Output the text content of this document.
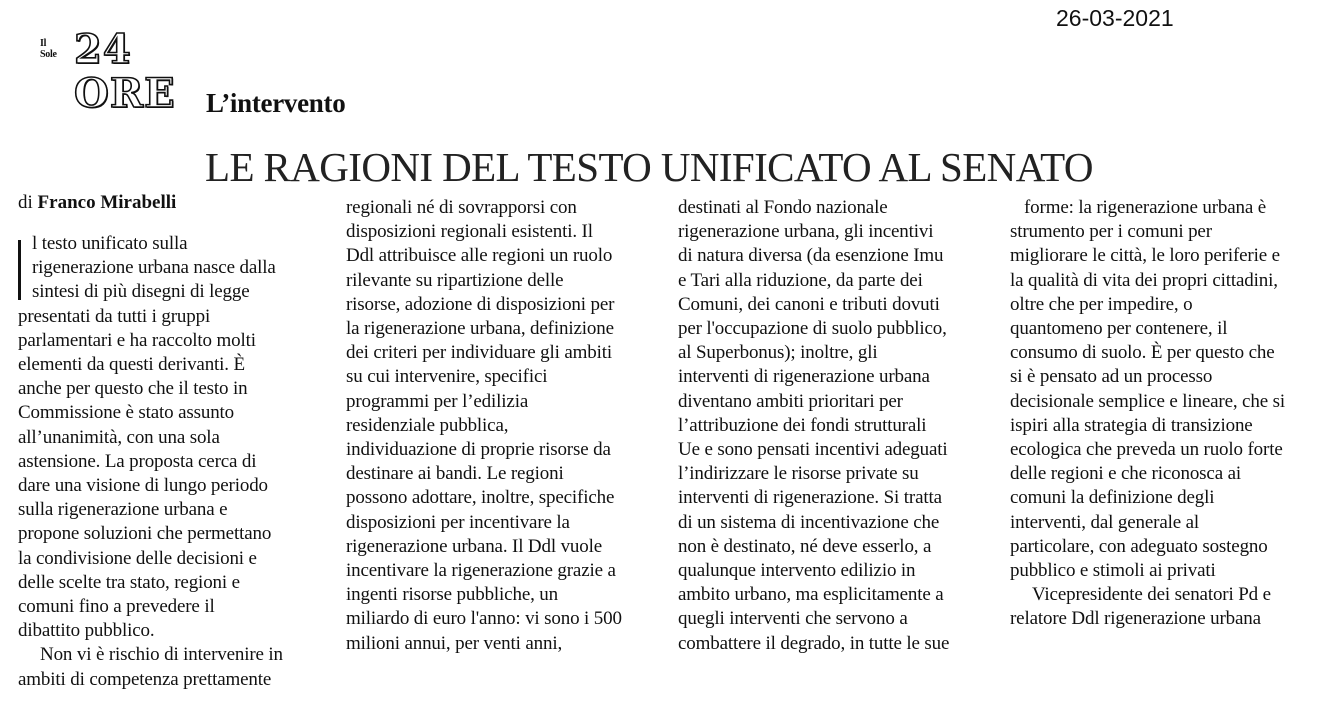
26-03-2021
Il Sole 24 ORE L’intervento
LE RAGIONI DEL TESTO UNIFICATO AL SENATO
di Franco Mirabelli
l testo unificato sulla
rigenerazione urbana nasce dalla
sintesi di più disegni di legge
presentati da tutti i gruppi
parlamentari e ha raccolto molti
elementi da questi derivanti. È
anche per questo che il testo in
Commissione è stato assunto
all’unanimità, con una sola
astensione. La proposta cerca di
dare una visione di lungo periodo
sulla rigenerazione urbana e
propone soluzioni che permettano
la condivisione delle decisioni e
delle scelte tra stato, regioni e
comuni fino a prevedere il
dibattito pubblico.
Non vi è rischio di intervenire in
ambiti di competenza prettamente
regionali né di sovrapporsi con
disposizioni regionali esistenti. Il
Ddl attribuisce alle regioni un ruolo
rilevante su ripartizione delle
risorse, adozione di disposizioni per
la rigenerazione urbana, definizione
dei criteri per individuare gli ambiti
su cui intervenire, specifici
programmi per l’edilizia
residenziale pubblica,
individuazione di proprie risorse da
destinare ai bandi. Le regioni
possono adottare, inoltre, specifiche
disposizioni per incentivare la
rigenerazione urbana. Il Ddl vuole
incentivare la rigenerazione grazie a
ingenti risorse pubbliche, un
miliardo di euro l'anno: vi sono i 500
milioni annui, per venti anni,
destinati al Fondo nazionale
rigenerazione urbana, gli incentivi
di natura diversa (da esenzione Imu
e Tari alla riduzione, da parte dei
Comuni, dei canoni e tributi dovuti
per l'occupazione di suolo pubblico,
al Superbonus); inoltre, gli
interventi di rigenerazione urbana
diventano ambiti prioritari per
l’attribuzione dei fondi strutturali
Ue e sono pensati incentivi adeguati
l’indirizzare le risorse private su
interventi di rigenerazione. Si tratta
di un sistema di incentivazione che
non è destinato, né deve esserlo, a
qualunque intervento edilizio in
ambito urbano, ma esplicitamente a
quegli interventi che servono a
combattere il degrado, in tutte le sue
forme: la rigenerazione urbana è
strumento per i comuni per
migliorare le città, le loro periferie e
la qualità di vita dei propri cittadini,
oltre che per impedire, o
quantomeno per contenere, il
consumo di suolo. È per questo che
si è pensato ad un processo
decisionale semplice e lineare, che si
ispiri alla strategia di transizione
ecologica che preveda un ruolo forte
delle regioni e che riconosca ai
comuni la definizione degli
interventi, dal generale al
particolare, con adeguato sostegno
pubblico e stimoli ai privati
Vicepresidente dei senatori Pd e
relatore Ddl rigenerazione urbana
